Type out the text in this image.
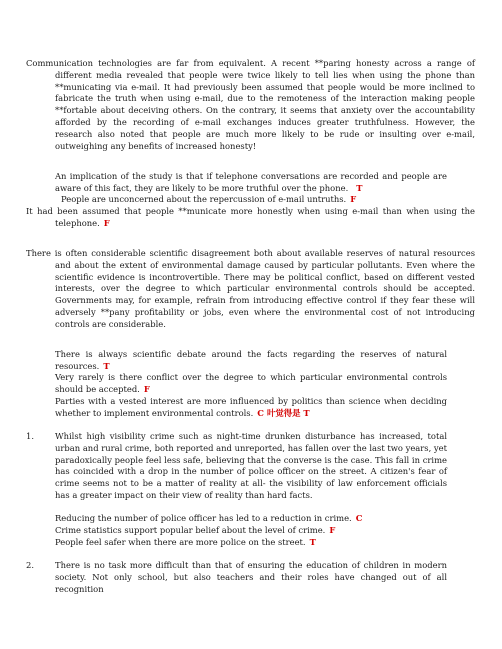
Communication technologies are far from equivalent. A recent **paring honesty across a range of different media revealed that people were twice likely to tell lies when using the phone than **municating via e-mail. It had previously been assumed that people would be more inclined to fabricate the truth when using e-mail, due to the remoteness of the interaction making people **fortable about deceiving others. On the contrary, it seems that anxiety over the accountability afforded by the recording of e-mail exchanges induces greater truthfulness. However, the research also noted that people are much more likely to be rude or insulting over e-mail, outweighing any benefits of increased honesty!

An implication of the study is that if telephone conversations are recorded and people are aware of this fact, they are likely to be more truthful over the phone. T

People are unconcerned about the repercussion of e-mail untruths. F

It had been assumed that people **municate more honestly when using e-mail than when using the telephone. F

There is often considerable scientific disagreement both about available reserves of natural resources and about the extent of environmental damage caused by particular pollutants. Even where the scientific evidence is incontrovertible. There may be political conflict, based on different vested interests, over the degree to which particular environmental controls should be accepted. Governments may, for example, refrain from introducing effective control if they fear these will adversely **pany profitability or jobs, even where the environmental cost of not introducing controls are considerable.

There is always scientific debate around the facts regarding the reserves of natural resources. T

Very rarely is there conflict over the degree to which particular environmental controls should be accepted. F

Parties with a vested interest are more influenced by politics than science when deciding whether to implement environmental controls. C 叶觉得是 T

1.	Whilst high visibility crime such as night-time drunken disturbance has increased, total urban and rural crime, both reported and unreported, has fallen over the last two years, yet paradoxically people feel less safe, believing that the converse is the case. This fall in crime has coincided with a drop in the number of police officer on the street. A citizen's fear of crime seems not to be a matter of reality at all- the visibility of law enforcement officials has a greater impact on their view of reality than hard facts.

Reducing the number of police officer has led to a reduction in crime. C

Crime statistics support popular belief about the level of crime. F

People feel safer when there are more police on the street. T

2.	There is no task more difficult than that of ensuring the education of children in modern society. Not only school, but also teachers and their roles have changed out of all recognition
